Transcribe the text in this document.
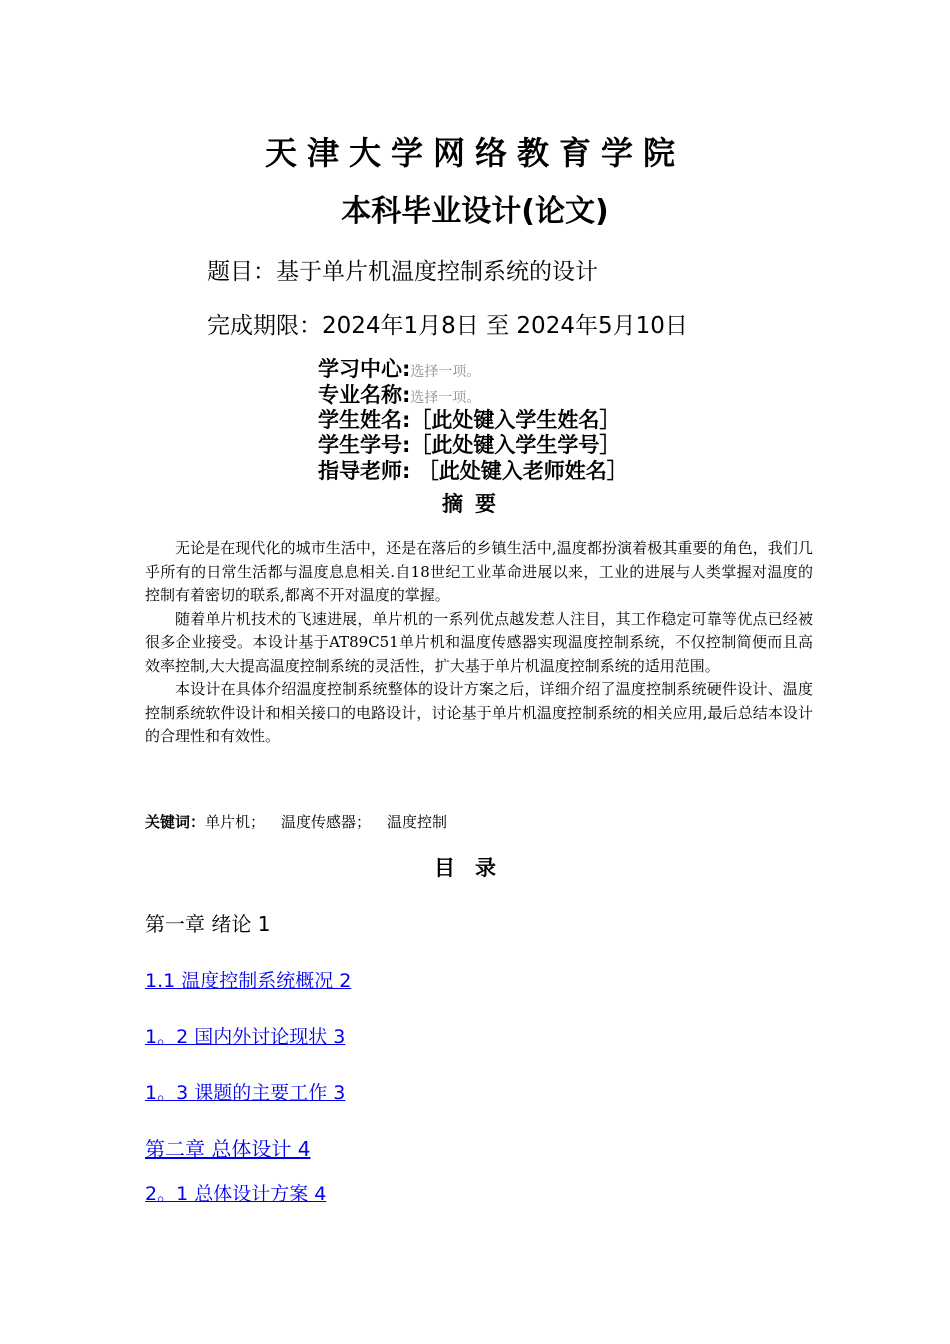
天津大学网络教育学院
本科毕业设计(论文)
题目：基于单片机温度控制系统的设计
完成期限：2024年1月8日 至 2024年5月10日
学习中心:选择一项。
专业名称:选择一项。
学生姓名:［此处键入学生姓名］
学生学号:［此处键入学生学号］
指导老师: ［此处键入老师姓名］
摘要

无论是在现代化的城市生活中，还是在落后的乡镇生活中,温度都扮演着极其重要的角色，我们几乎所有的日常生活都与温度息息相关.自18世纪工业革命进展以来，工业的进展与人类掌握对温度的控制有着密切的联系,都离不开对温度的掌握。

随着单片机技术的飞速进展，单片机的一系列优点越发惹人注目，其工作稳定可靠等优点已经被很多企业接受。本设计基于AT89C51单片机和温度传感器实现温度控制系统，不仅控制简便而且高效率控制,大大提高温度控制系统的灵活性，扩大基于单片机温度控制系统的适用范围。

本设计在具体介绍温度控制系统整体的设计方案之后，详细介绍了温度控制系统硬件设计、温度控制系统软件设计和相关接口的电路设计，讨论基于单片机温度控制系统的相关应用,最后总结本设计的合理性和有效性。

关键词：单片机； 温度传感器； 温度控制
目录
第一章 绪论 1
1.1 温度控制系统概况 2
1。2 国内外讨论现状 3
1。3 课题的主要工作 3
第二章 总体设计 4
2。1 总体设计方案 4
